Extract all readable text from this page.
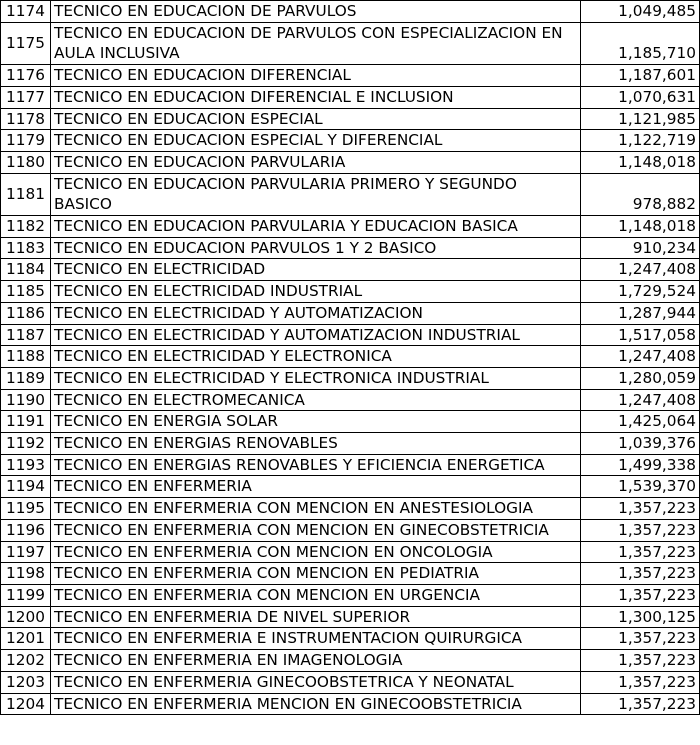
1174	TECNICO EN EDUCACION DE PARVULOS	1,049,485
1175	TECNICO EN EDUCACION DE PARVULOS CON ESPECIALIZACION EN AULA INCLUSIVA	1,185,710
1176	TECNICO EN EDUCACION DIFERENCIAL	1,187,601
1177	TECNICO EN EDUCACION DIFERENCIAL E INCLUSION	1,070,631
1178	TECNICO EN EDUCACION ESPECIAL	1,121,985
1179	TECNICO EN EDUCACION ESPECIAL Y DIFERENCIAL	1,122,719
1180	TECNICO EN EDUCACION PARVULARIA	1,148,018
1181	TECNICO EN EDUCACION PARVULARIA PRIMERO Y SEGUNDO BASICO	978,882
1182	TECNICO EN EDUCACION PARVULARIA Y EDUCACION BASICA	1,148,018
1183	TECNICO EN EDUCACION PARVULOS 1 Y 2 BASICO	910,234
1184	TECNICO EN ELECTRICIDAD	1,247,408
1185	TECNICO EN ELECTRICIDAD INDUSTRIAL	1,729,524
1186	TECNICO EN ELECTRICIDAD Y AUTOMATIZACION	1,287,944
1187	TECNICO EN ELECTRICIDAD Y AUTOMATIZACION INDUSTRIAL	1,517,058
1188	TECNICO EN ELECTRICIDAD Y ELECTRONICA	1,247,408
1189	TECNICO EN ELECTRICIDAD Y ELECTRONICA INDUSTRIAL	1,280,059
1190	TECNICO EN ELECTROMECANICA	1,247,408
1191	TECNICO EN ENERGIA SOLAR	1,425,064
1192	TECNICO EN ENERGIAS RENOVABLES	1,039,376
1193	TECNICO EN ENERGIAS RENOVABLES Y EFICIENCIA ENERGETICA	1,499,338
1194	TECNICO EN ENFERMERIA	1,539,370
1195	TECNICO EN ENFERMERIA CON MENCION EN ANESTESIOLOGIA	1,357,223
1196	TECNICO EN ENFERMERIA CON MENCION EN GINECOBSTETRICIA	1,357,223
1197	TECNICO EN ENFERMERIA CON MENCION EN ONCOLOGIA	1,357,223
1198	TECNICO EN ENFERMERIA CON MENCION EN PEDIATRIA	1,357,223
1199	TECNICO EN ENFERMERIA CON MENCION EN URGENCIA	1,357,223
1200	TECNICO EN ENFERMERIA DE NIVEL SUPERIOR	1,300,125
1201	TECNICO EN ENFERMERIA E INSTRUMENTACION QUIRURGICA	1,357,223
1202	TECNICO EN ENFERMERIA EN IMAGENOLOGIA	1,357,223
1203	TECNICO EN ENFERMERIA GINECOOBSTETRICA Y NEONATAL	1,357,223
1204	TECNICO EN ENFERMERIA MENCION EN GINECOOBSTETRICIA	1,357,223
